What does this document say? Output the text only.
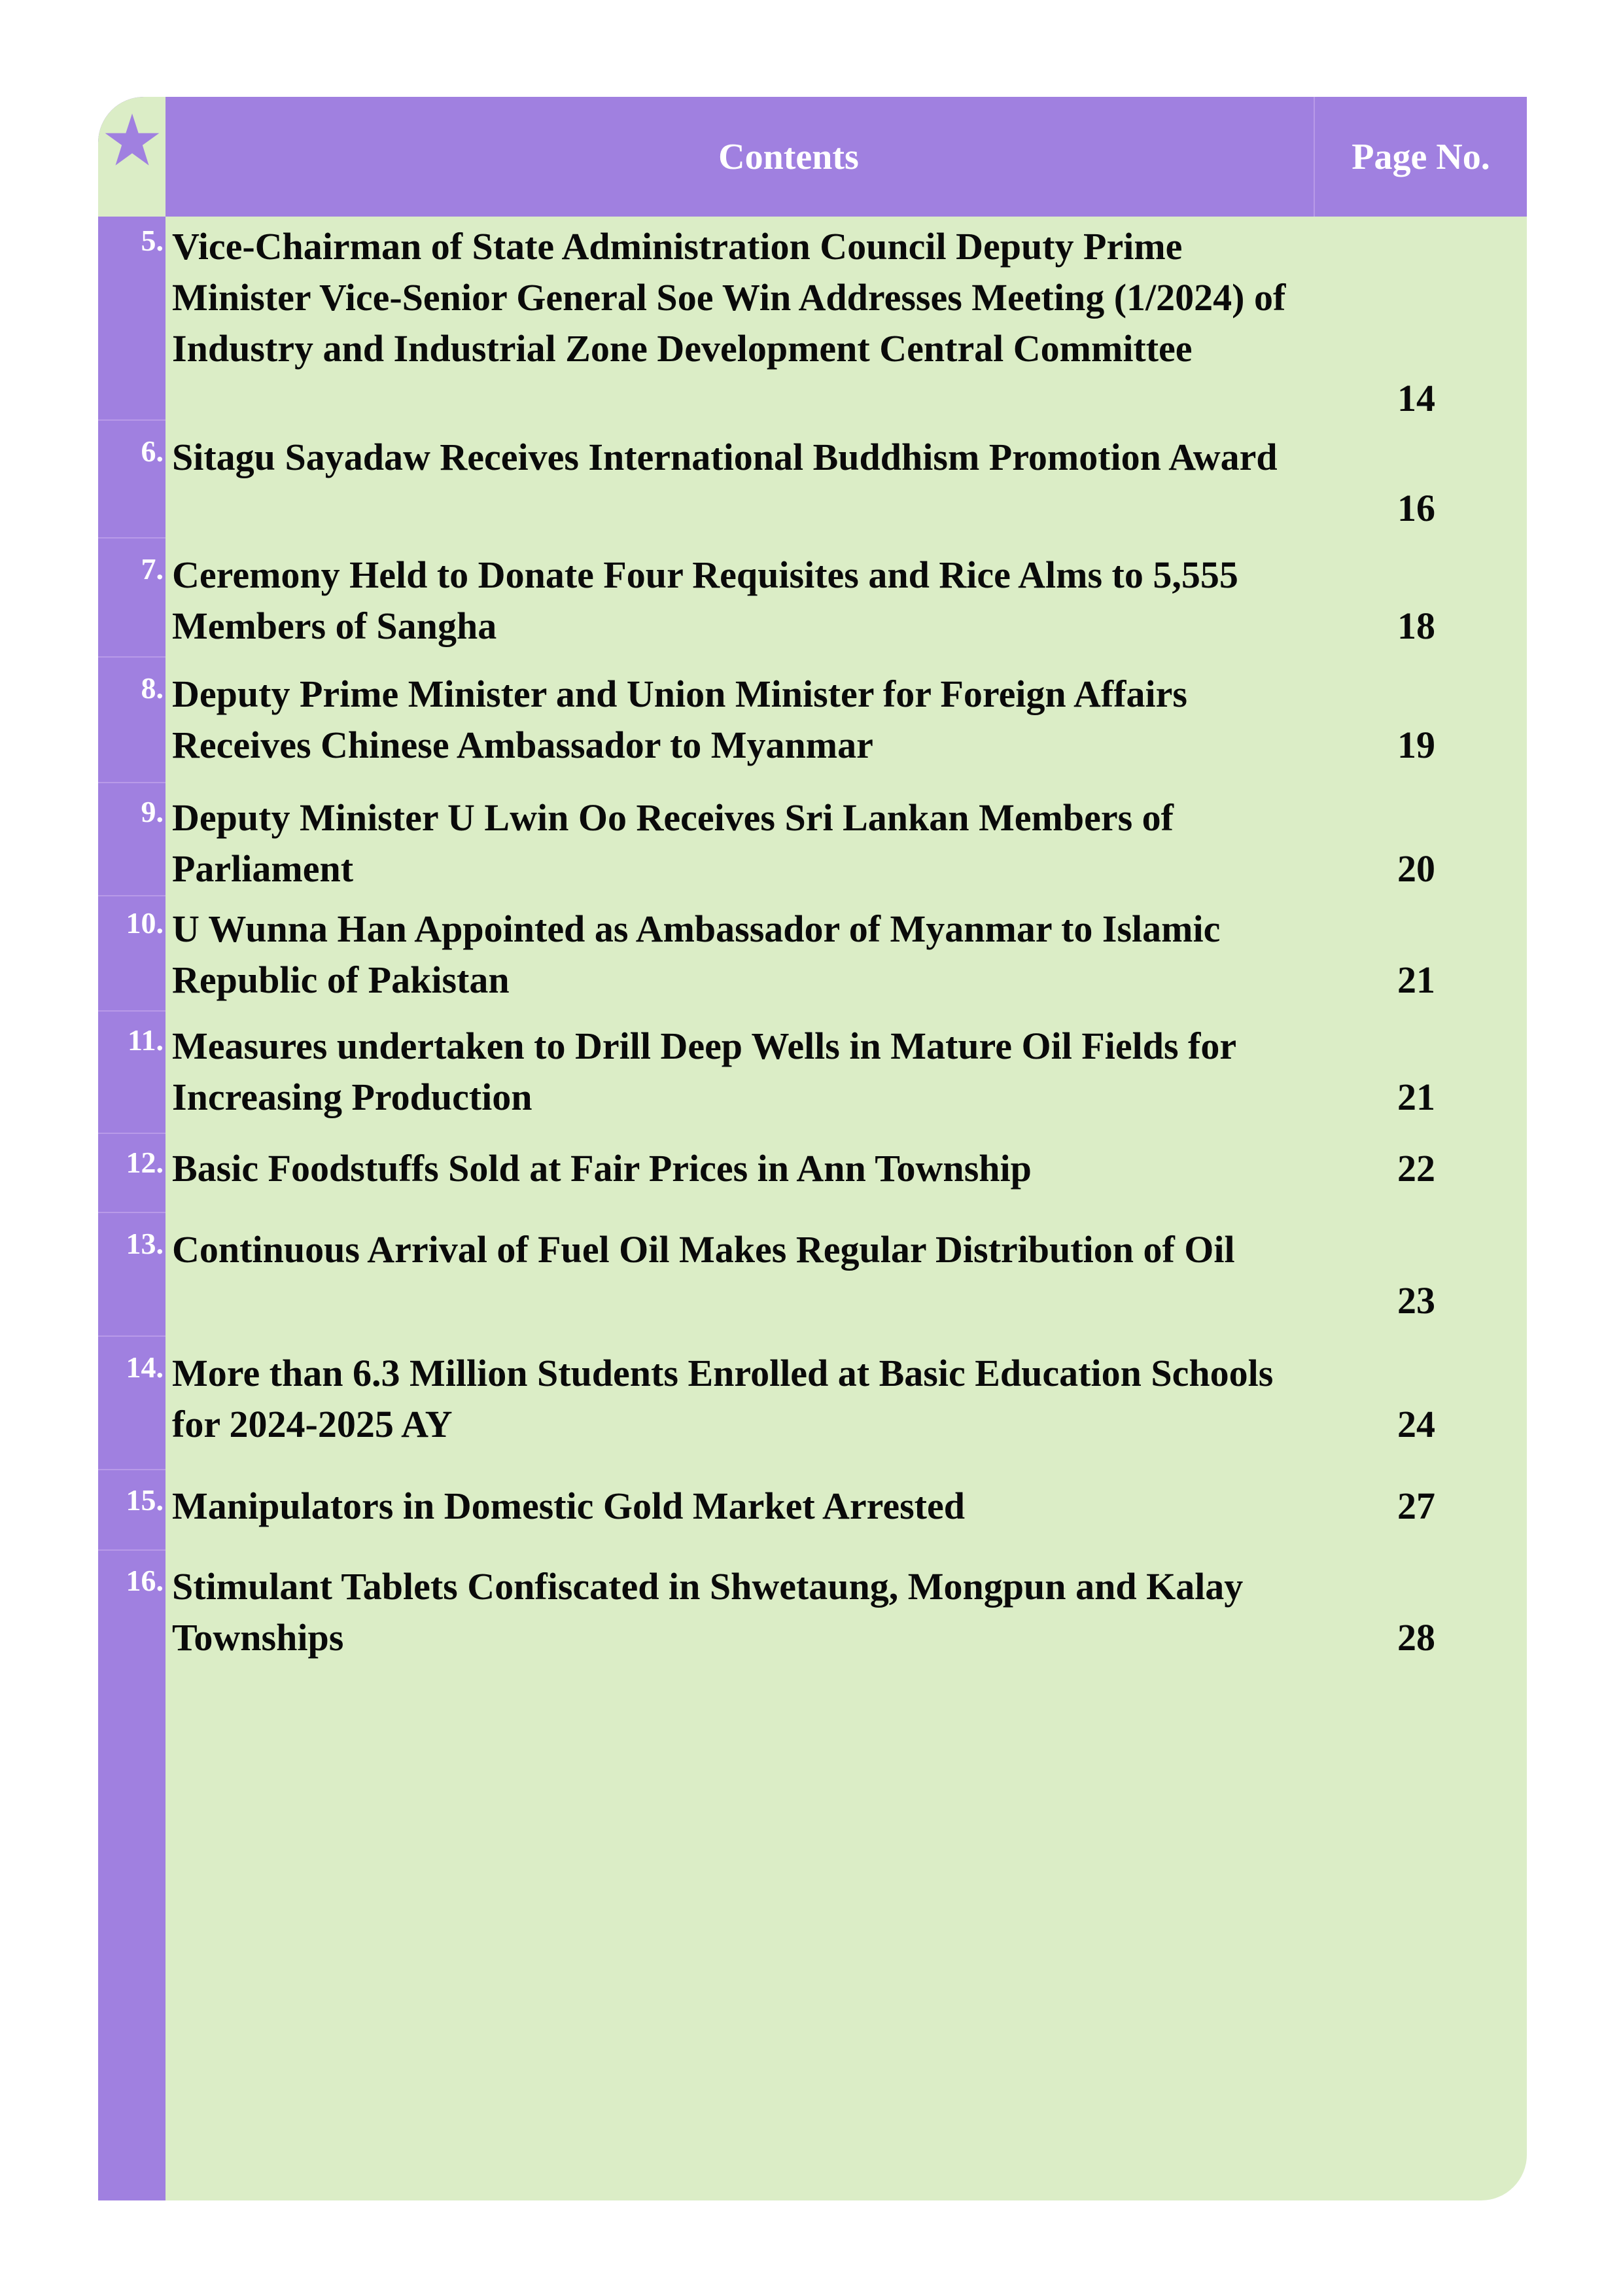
Contents	Page No.
5. Vice-Chairman of State Administration Council Deputy Prime Minister Vice-Senior General Soe Win Addresses Meeting (1/2024) of Industry and Industrial Zone Development Central Committee
14
6. Sitagu Sayadaw Receives International Buddhism Promotion Award
16
7. Ceremony Held to Donate Four Requisites and Rice Alms to 5,555 Members of Sangha	18
8. Deputy Prime Minister and Union Minister for Foreign Affairs Receives Chinese Ambassador to Myanmar	19
9. Deputy Minister U Lwin Oo Receives Sri Lankan Members of Parliament	20
10. U Wunna Han Appointed as Ambassador of Myanmar to Islamic Republic of Pakistan	21
11. Measures undertaken to Drill Deep Wells in Mature Oil Fields for Increasing Production	21
12. Basic Foodstuffs Sold at Fair Prices in Ann Township	22
13. Continuous Arrival of Fuel Oil Makes Regular Distribution of Oil
23
14. More than 6.3 Million Students Enrolled at Basic Education Schools for 2024-2025 AY	24
15. Manipulators in Domestic Gold Market Arrested	27
16. Stimulant Tablets Confiscated in Shwetaung, Mongpun and Kalay Townships	28
